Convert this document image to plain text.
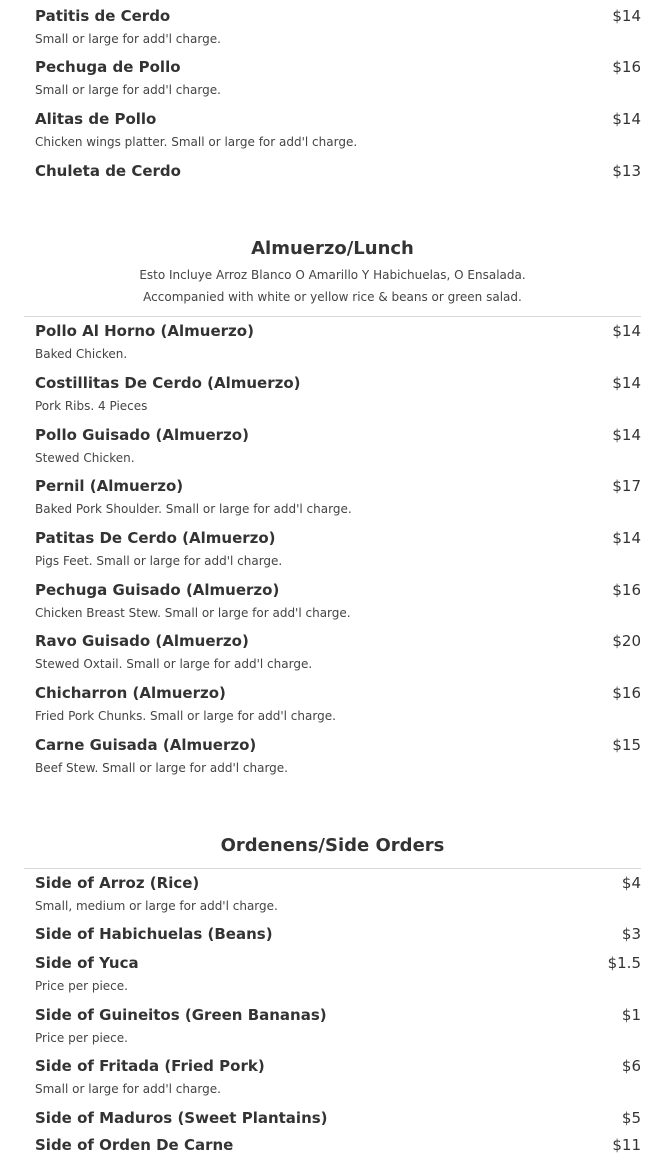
Patitis de Cerdo	$14
Small or large for add'l charge.
Pechuga de Pollo	$16
Small or large for add'l charge.
Alitas de Pollo	$14
Chicken wings platter. Small or large for add'l charge.
Chuleta de Cerdo	$13
Almuerzo/Lunch
Esto Incluye Arroz Blanco O Amarillo Y Habichuelas, O Ensalada.
Accompanied with white or yellow rice & beans or green salad.
Pollo Al Horno (Almuerzo)	$14
Baked Chicken.
Costillitas De Cerdo (Almuerzo)	$14
Pork Ribs. 4 Pieces
Pollo Guisado (Almuerzo)	$14
Stewed Chicken.
Pernil (Almuerzo)	$17
Baked Pork Shoulder. Small or large for add'l charge.
Patitas De Cerdo (Almuerzo)	$14
Pigs Feet. Small or large for add'l charge.
Pechuga Guisado (Almuerzo)	$16
Chicken Breast Stew. Small or large for add'l charge.
Ravo Guisado (Almuerzo)	$20
Stewed Oxtail. Small or large for add'l charge.
Chicharron (Almuerzo)	$16
Fried Pork Chunks. Small or large for add'l charge.
Carne Guisada (Almuerzo)	$15
Beef Stew. Small or large for add'l charge.
Ordenens/Side Orders
Side of Arroz (Rice)	$4
Small, medium or large for add'l charge.
Side of Habichuelas (Beans)	$3
Side of Yuca	$1.5
Price per piece.
Side of Guineitos (Green Bananas)	$1
Price per piece.
Side of Fritada (Fried Pork)	$6
Small or large for add'l charge.
Side of Maduros (Sweet Plantains)	$5
Side of Orden De Carne	$11
